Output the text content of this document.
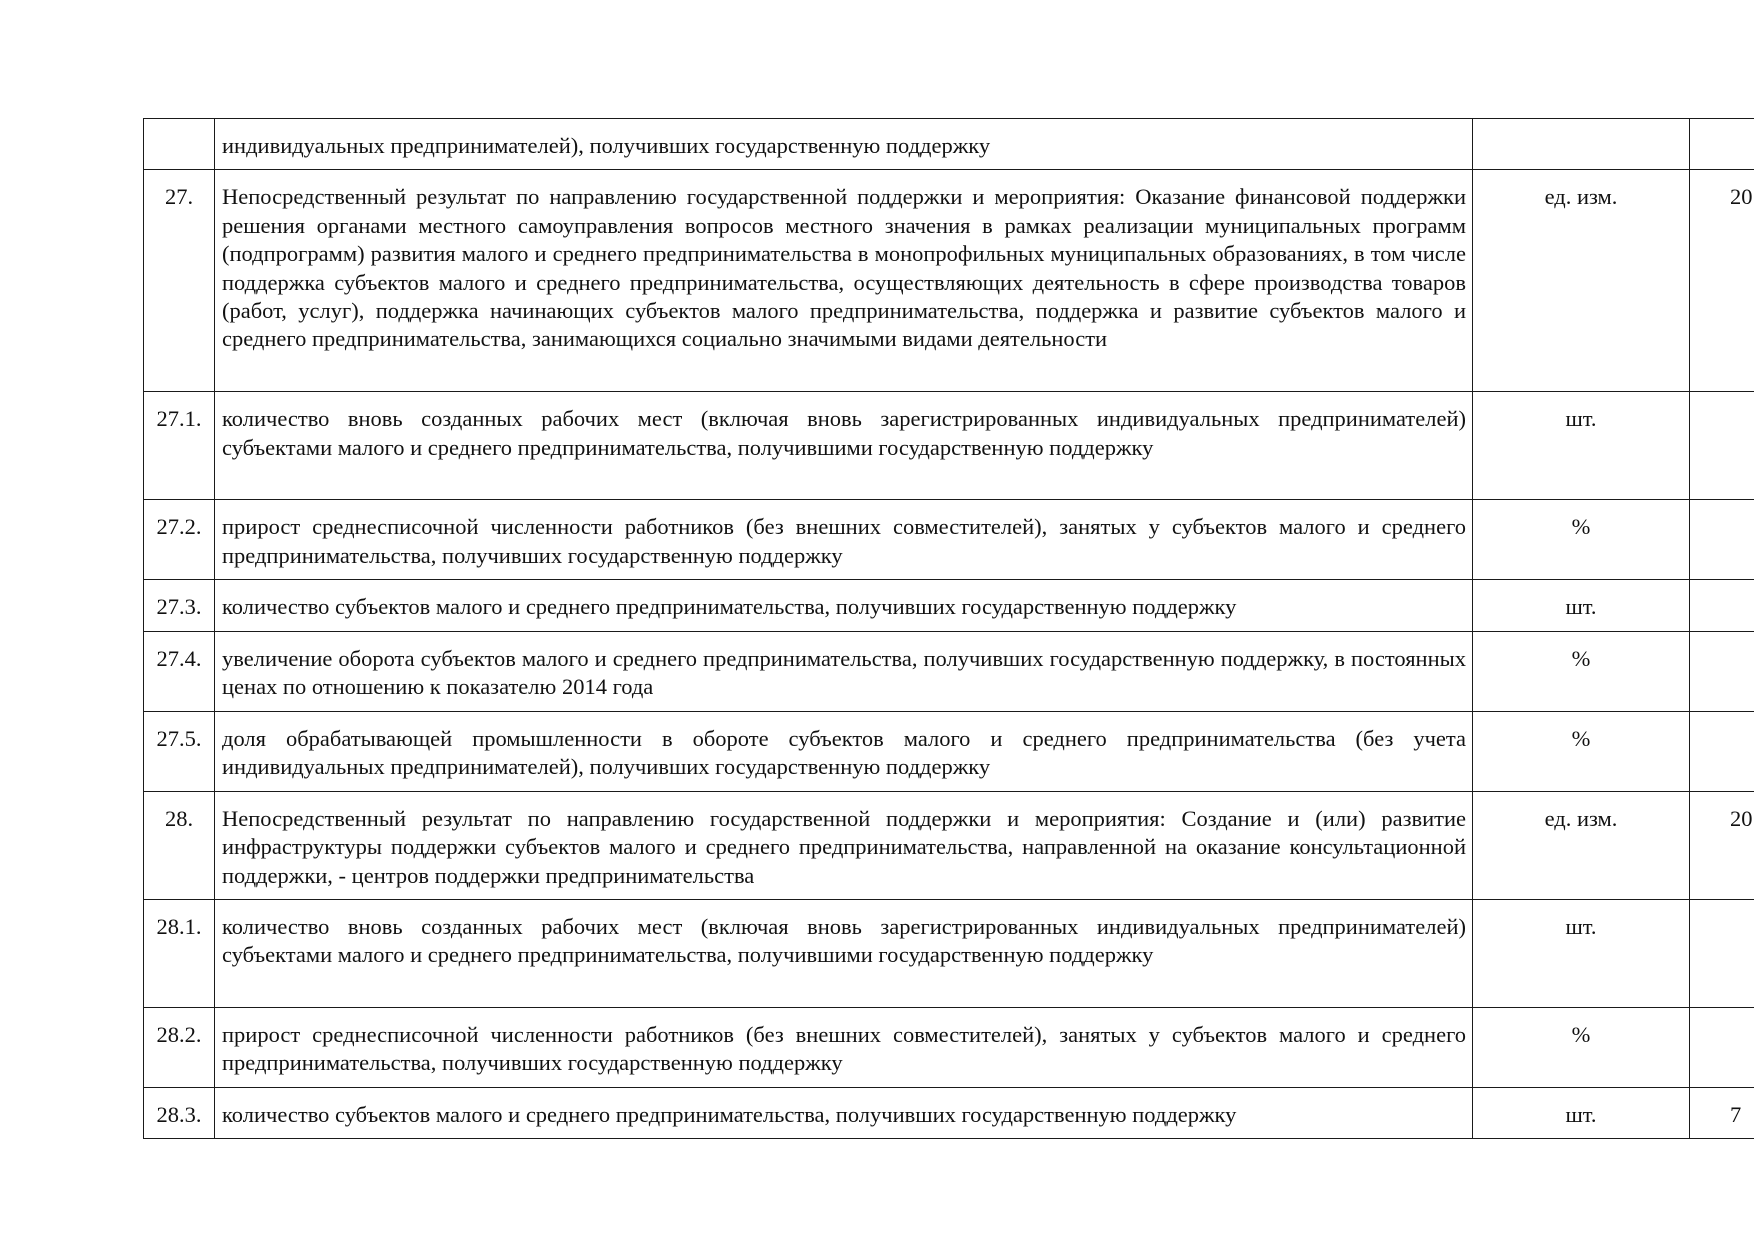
	индивидуальных предпринимателей), получивших государственную поддержку		
27.	Непосредственный результат по направлению государственной поддержки и мероприятия: Оказание финансовой поддержки решения органами местного самоуправления вопросов местного значения в рамках реализации муниципальных программ (подпрограмм) развития малого и среднего предпринимательства в монопрофильных муниципальных образованиях, в том числе поддержка субъектов малого и среднего предпринимательства, осуществляющих деятельность в сфере производства товаров (работ, услуг), поддержка начинающих субъектов малого предпринимательства, поддержка и развитие субъектов малого и среднего предпринимательства, занимающихся социально значимыми видами деятельности	ед. изм.	20
27.1.	количество вновь созданных рабочих мест (включая вновь зарегистрированных индивидуальных предпринимателей) субъектами малого и среднего предпринимательства, получившими государственную поддержку	шт.	
27.2.	прирост среднесписочной численности работников (без внешних совместителей), занятых у субъектов малого и среднего предпринимательства, получивших государственную поддержку	%	
27.3.	количество субъектов малого и среднего предпринимательства, получивших государственную поддержку	шт.	
27.4.	увеличение оборота субъектов малого и среднего предпринимательства, получивших государственную поддержку, в постоянных ценах по отношению к показателю 2014 года	%	
27.5.	доля обрабатывающей промышленности в обороте субъектов малого и среднего предпринимательства (без учета индивидуальных предпринимателей), получивших государственную поддержку	%	
28.	Непосредственный результат по направлению государственной поддержки и мероприятия: Создание и (или) развитие инфраструктуры поддержки субъектов малого и среднего предпринимательства, направленной на оказание консультационной поддержки, - центров поддержки предпринимательства	ед. изм.	20
28.1.	количество вновь созданных рабочих мест (включая вновь зарегистрированных индивидуальных предпринимателей) субъектами малого и среднего предпринимательства, получившими государственную поддержку	шт.	
28.2.	прирост среднесписочной численности работников (без внешних совместителей), занятых у субъектов малого и среднего предпринимательства, получивших государственную поддержку	%	
28.3.	количество субъектов малого и среднего предпринимательства, получивших государственную поддержку	шт.	7
